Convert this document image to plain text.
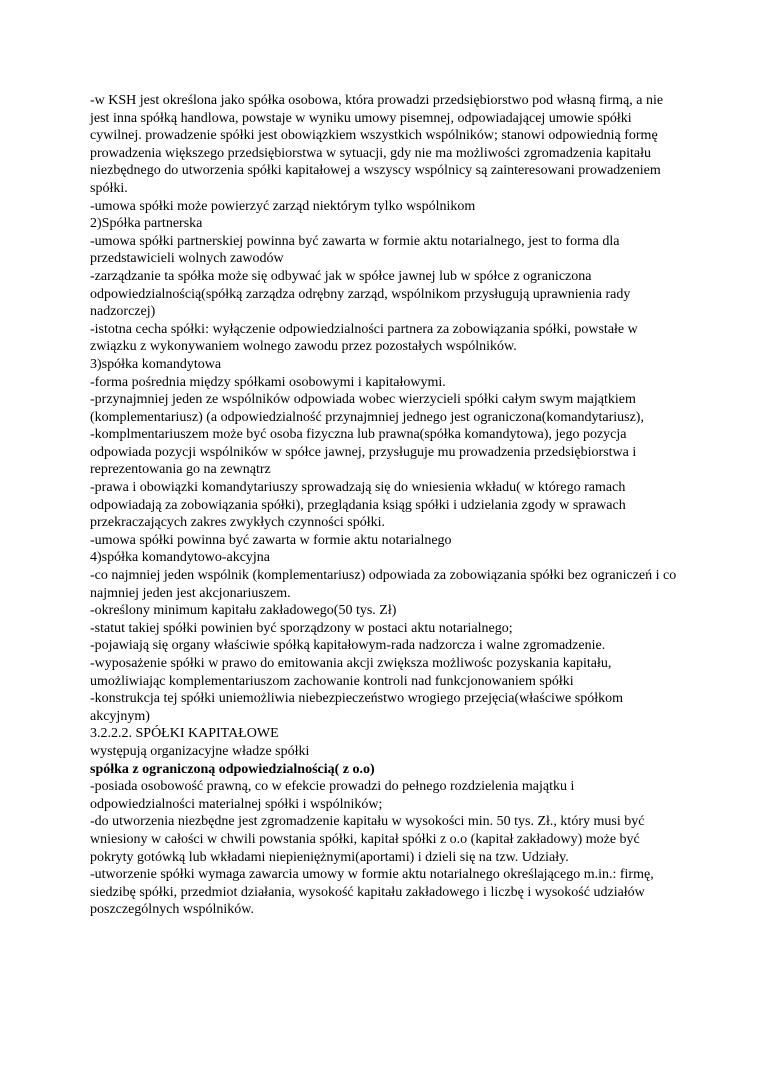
-w KSH jest określona jako spółka osobowa, która prowadzi przedsiębiorstwo pod własną firmą, a nie jest inna spółką handlowa, powstaje w wyniku umowy pisemnej, odpowiadającej umowie spółki cywilnej. prowadzenie spółki jest obowiązkiem wszystkich wspólników; stanowi odpowiednią formę prowadzenia większego przedsiębiorstwa w sytuacji, gdy nie ma możliwości zgromadzenia kapitału niezbędnego do utworzenia spółki kapitałowej a wszyscy wspólnicy są zainteresowani prowadzeniem spółki.

-umowa spółki może powierzyć zarząd niektórym tylko wspólnikom

2)Spółka partnerska

-umowa spółki partnerskiej powinna być zawarta w formie aktu notarialnego, jest to forma dla przedstawicieli wolnych zawodów

-zarządzanie ta spółka może się odbywać jak w spółce jawnej lub w spółce z ograniczona odpowiedzialnością(spółką zarządza odrębny zarząd, wspólnikom przysługują uprawnienia rady nadzorczej)

-istotna cecha spółki: wyłączenie odpowiedzialności partnera za zobowiązania spółki, powstałe w związku z wykonywaniem wolnego zawodu przez pozostałych wspólników.

3)spółka komandytowa

-forma pośrednia między spółkami osobowymi i kapitałowymi.

-przynajmniej jeden ze wspólników odpowiada wobec wierzycieli spółki całym swym majątkiem (komplementariusz) (a odpowiedzialność przynajmniej jednego jest ograniczona(komandytariusz),

-komplmentariuszem może być osoba fizyczna lub prawna(spółka komandytowa), jego pozycja odpowiada pozycji wspólników w spółce jawnej, przysługuje mu prowadzenia przedsiębiorstwa i reprezentowania go na zewnątrz

-prawa i obowiązki komandytariuszy sprowadzają się do wniesienia wkładu( w którego ramach odpowiadają za zobowiązania spółki), przeglądania ksiąg spółki i udzielania zgody w sprawach przekraczających zakres zwykłych czynności spółki.

-umowa spółki powinna być zawarta w formie aktu notarialnego

4)spółka komandytowo-akcyjna

-co najmniej jeden wspólnik (komplementariusz) odpowiada za zobowiązania spółki bez ograniczeń i co najmniej jeden jest akcjonariuszem.

-określony minimum kapitału zakładowego(50 tys. Zł)

-statut takiej spółki powinien być sporządzony w postaci aktu notarialnego;

-pojawiają się organy właściwie spółką kapitałowym-rada nadzorcza i walne zgromadzenie.

-wyposażenie spółki w prawo do emitowania akcji zwiększa możliwośc pozyskania kapitału, umożliwiając komplementariuszom zachowanie kontroli nad funkcjonowaniem spółki

-konstrukcja tej spółki uniemożliwia niebezpieczeństwo wrogiego przejęcia(właściwe spółkom akcyjnym)

3.2.2.2. SPÓŁKI KAPITAŁOWE

występują organizacyjne władze spółki

spółka z ograniczoną odpowiedzialnością( z o.o)

-posiada osobowość prawną, co w efekcie prowadzi do pełnego rozdzielenia majątku i odpowiedzialności materialnej spółki i wspólników;

-do utworzenia niezbędne jest zgromadzenie kapitału w wysokości min. 50 tys. Zł., który musi być wniesiony w całości w chwili powstania spółki, kapitał spółki z o.o (kapitał zakładowy) może być pokryty gotówką lub wkładami niepieniężnymi(aportami) i dzieli się na tzw. Udziały.

-utworzenie spółki wymaga zawarcia umowy w formie aktu notarialnego określającego m.in.: firmę, siedzibę spółki, przedmiot działania, wysokość kapitału zakładowego i liczbę i wysokość udziałów poszczególnych wspólników.
